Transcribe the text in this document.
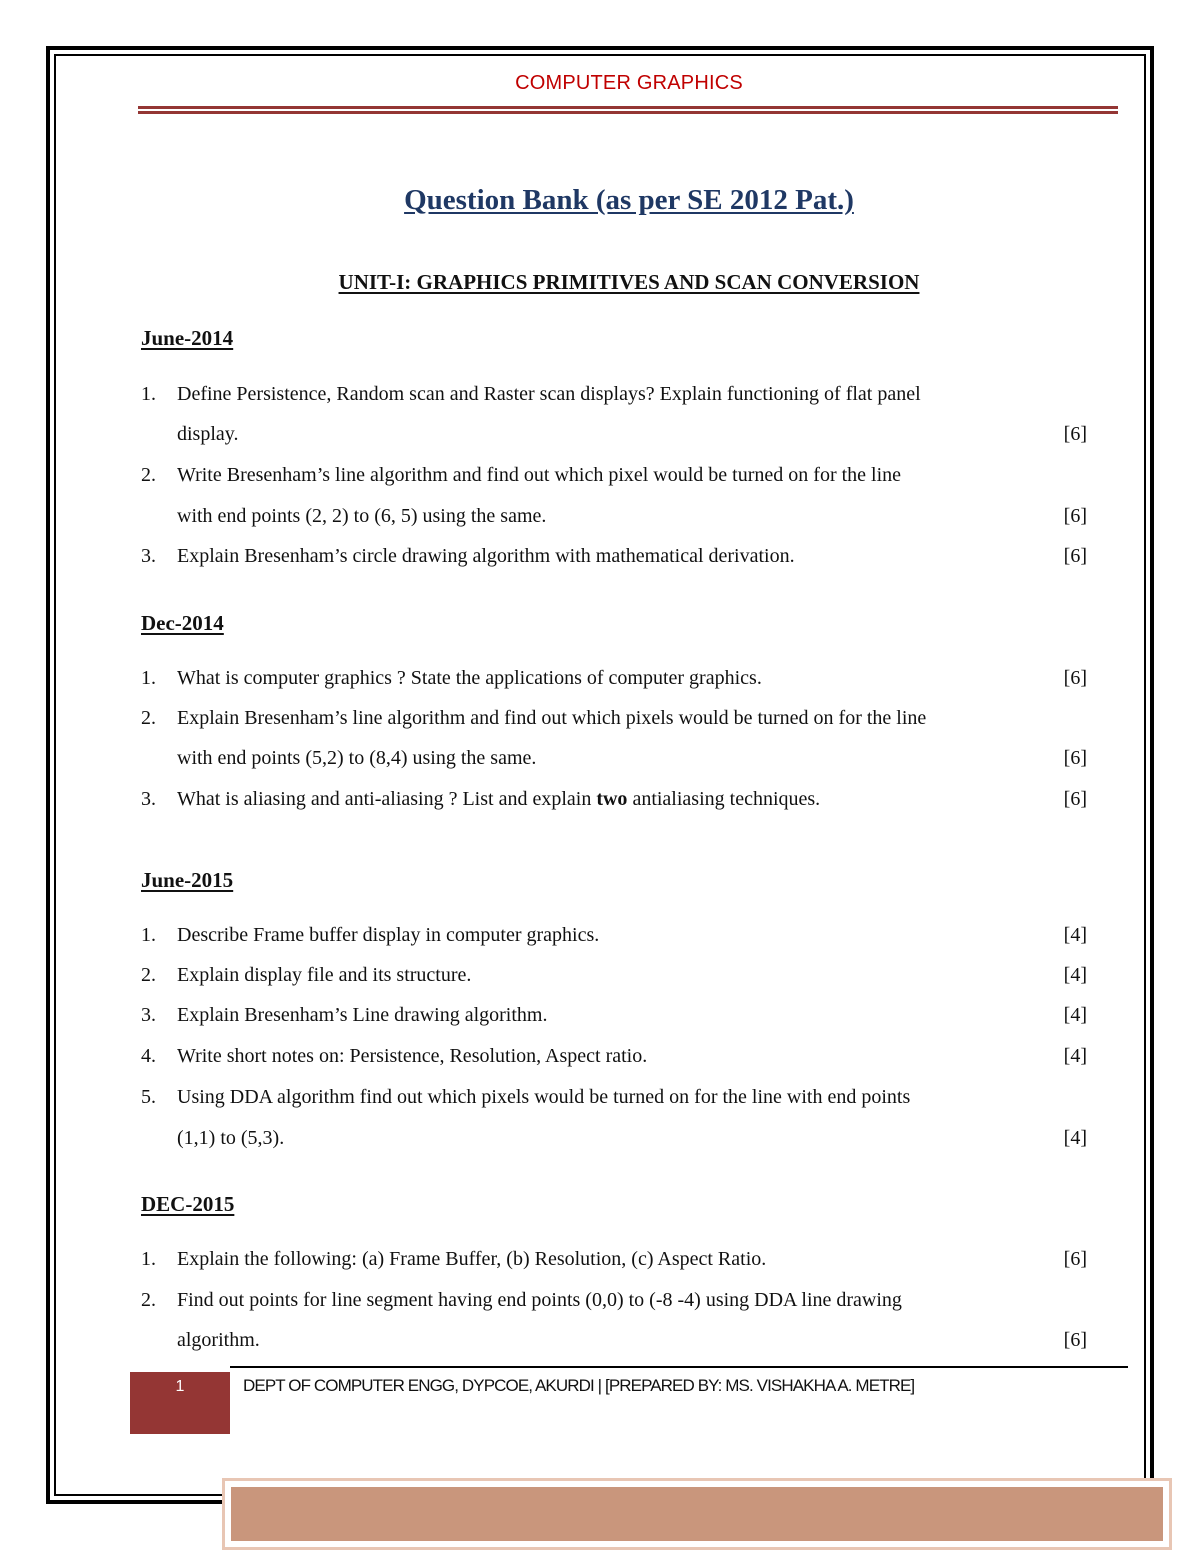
COMPUTER GRAPHICS
Question Bank (as per SE 2012 Pat.)
UNIT-I: GRAPHICS PRIMITIVES AND SCAN CONVERSION
June-2014
1. Define Persistence, Random scan and Raster scan displays? Explain functioning of flat panel
display.	[6]
2. Write Bresenham’s line algorithm and find out which pixel would be turned on for the line
with end points (2, 2) to (6, 5) using the same.	[6]
3. Explain Bresenham’s circle drawing algorithm with mathematical derivation.	[6]
Dec-2014
1. What is computer graphics ? State the applications of computer graphics.	[6]
2. Explain Bresenham’s line algorithm and find out which pixels would be turned on for the line
with end points (5,2) to (8,4) using the same.	[6]
3. What is aliasing and anti-aliasing ? List and explain two antialiasing techniques.	[6]
June-2015
1. Describe Frame buffer display in computer graphics.	[4]
2. Explain display file and its structure.	[4]
3. Explain Bresenham’s Line drawing algorithm.	[4]
4. Write short notes on: Persistence, Resolution, Aspect ratio.	[4]
5. Using DDA algorithm find out which pixels would be turned on for the line with end points
(1,1) to (5,3).	[4]
DEC-2015
1. Explain the following: (a) Frame Buffer, (b) Resolution, (c) Aspect Ratio.	[6]
2. Find out points for line segment having end points (0,0) to (-8 -4) using DDA line drawing
algorithm.	[6]
1	DEPT OF COMPUTER ENGG, DYPCOE, AKURDI | [PREPARED BY: MS. VISHAKHA A. METRE]
